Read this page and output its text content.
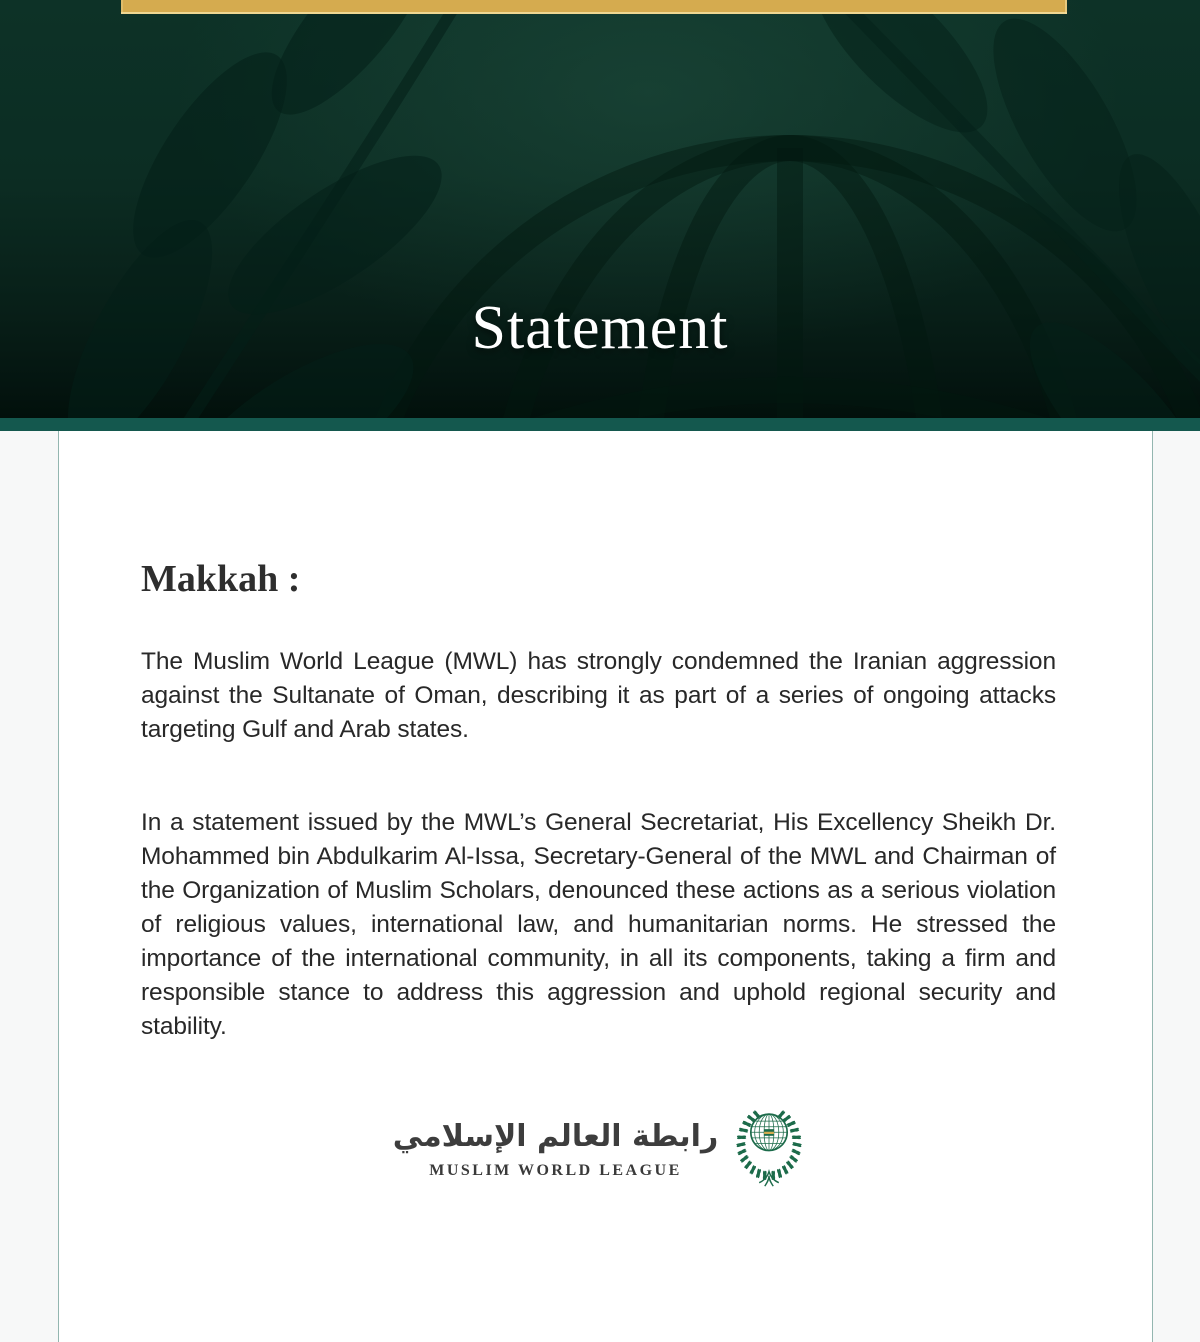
Statement
Makkah :

The Muslim World League (MWL) has strongly condemned the Iranian aggression against the Sultanate of Oman, describing it as part of a series of ongoing attacks targeting Gulf and Arab states.

In a statement issued by the MWL’s General Secretariat, His Excellency Sheikh Dr. Mohammed bin Abdulkarim Al-Issa, Secretary-General of the MWL and Chairman of the Organization of Muslim Scholars, denounced these actions as a serious violation of religious values, international law, and humanitarian norms. He stressed the importance of the international community, in all its components, taking a firm and responsible stance to address this aggression and uphold regional security and stability.

رابطة العالم الإسلامي
MUSLIM WORLD LEAGUE
